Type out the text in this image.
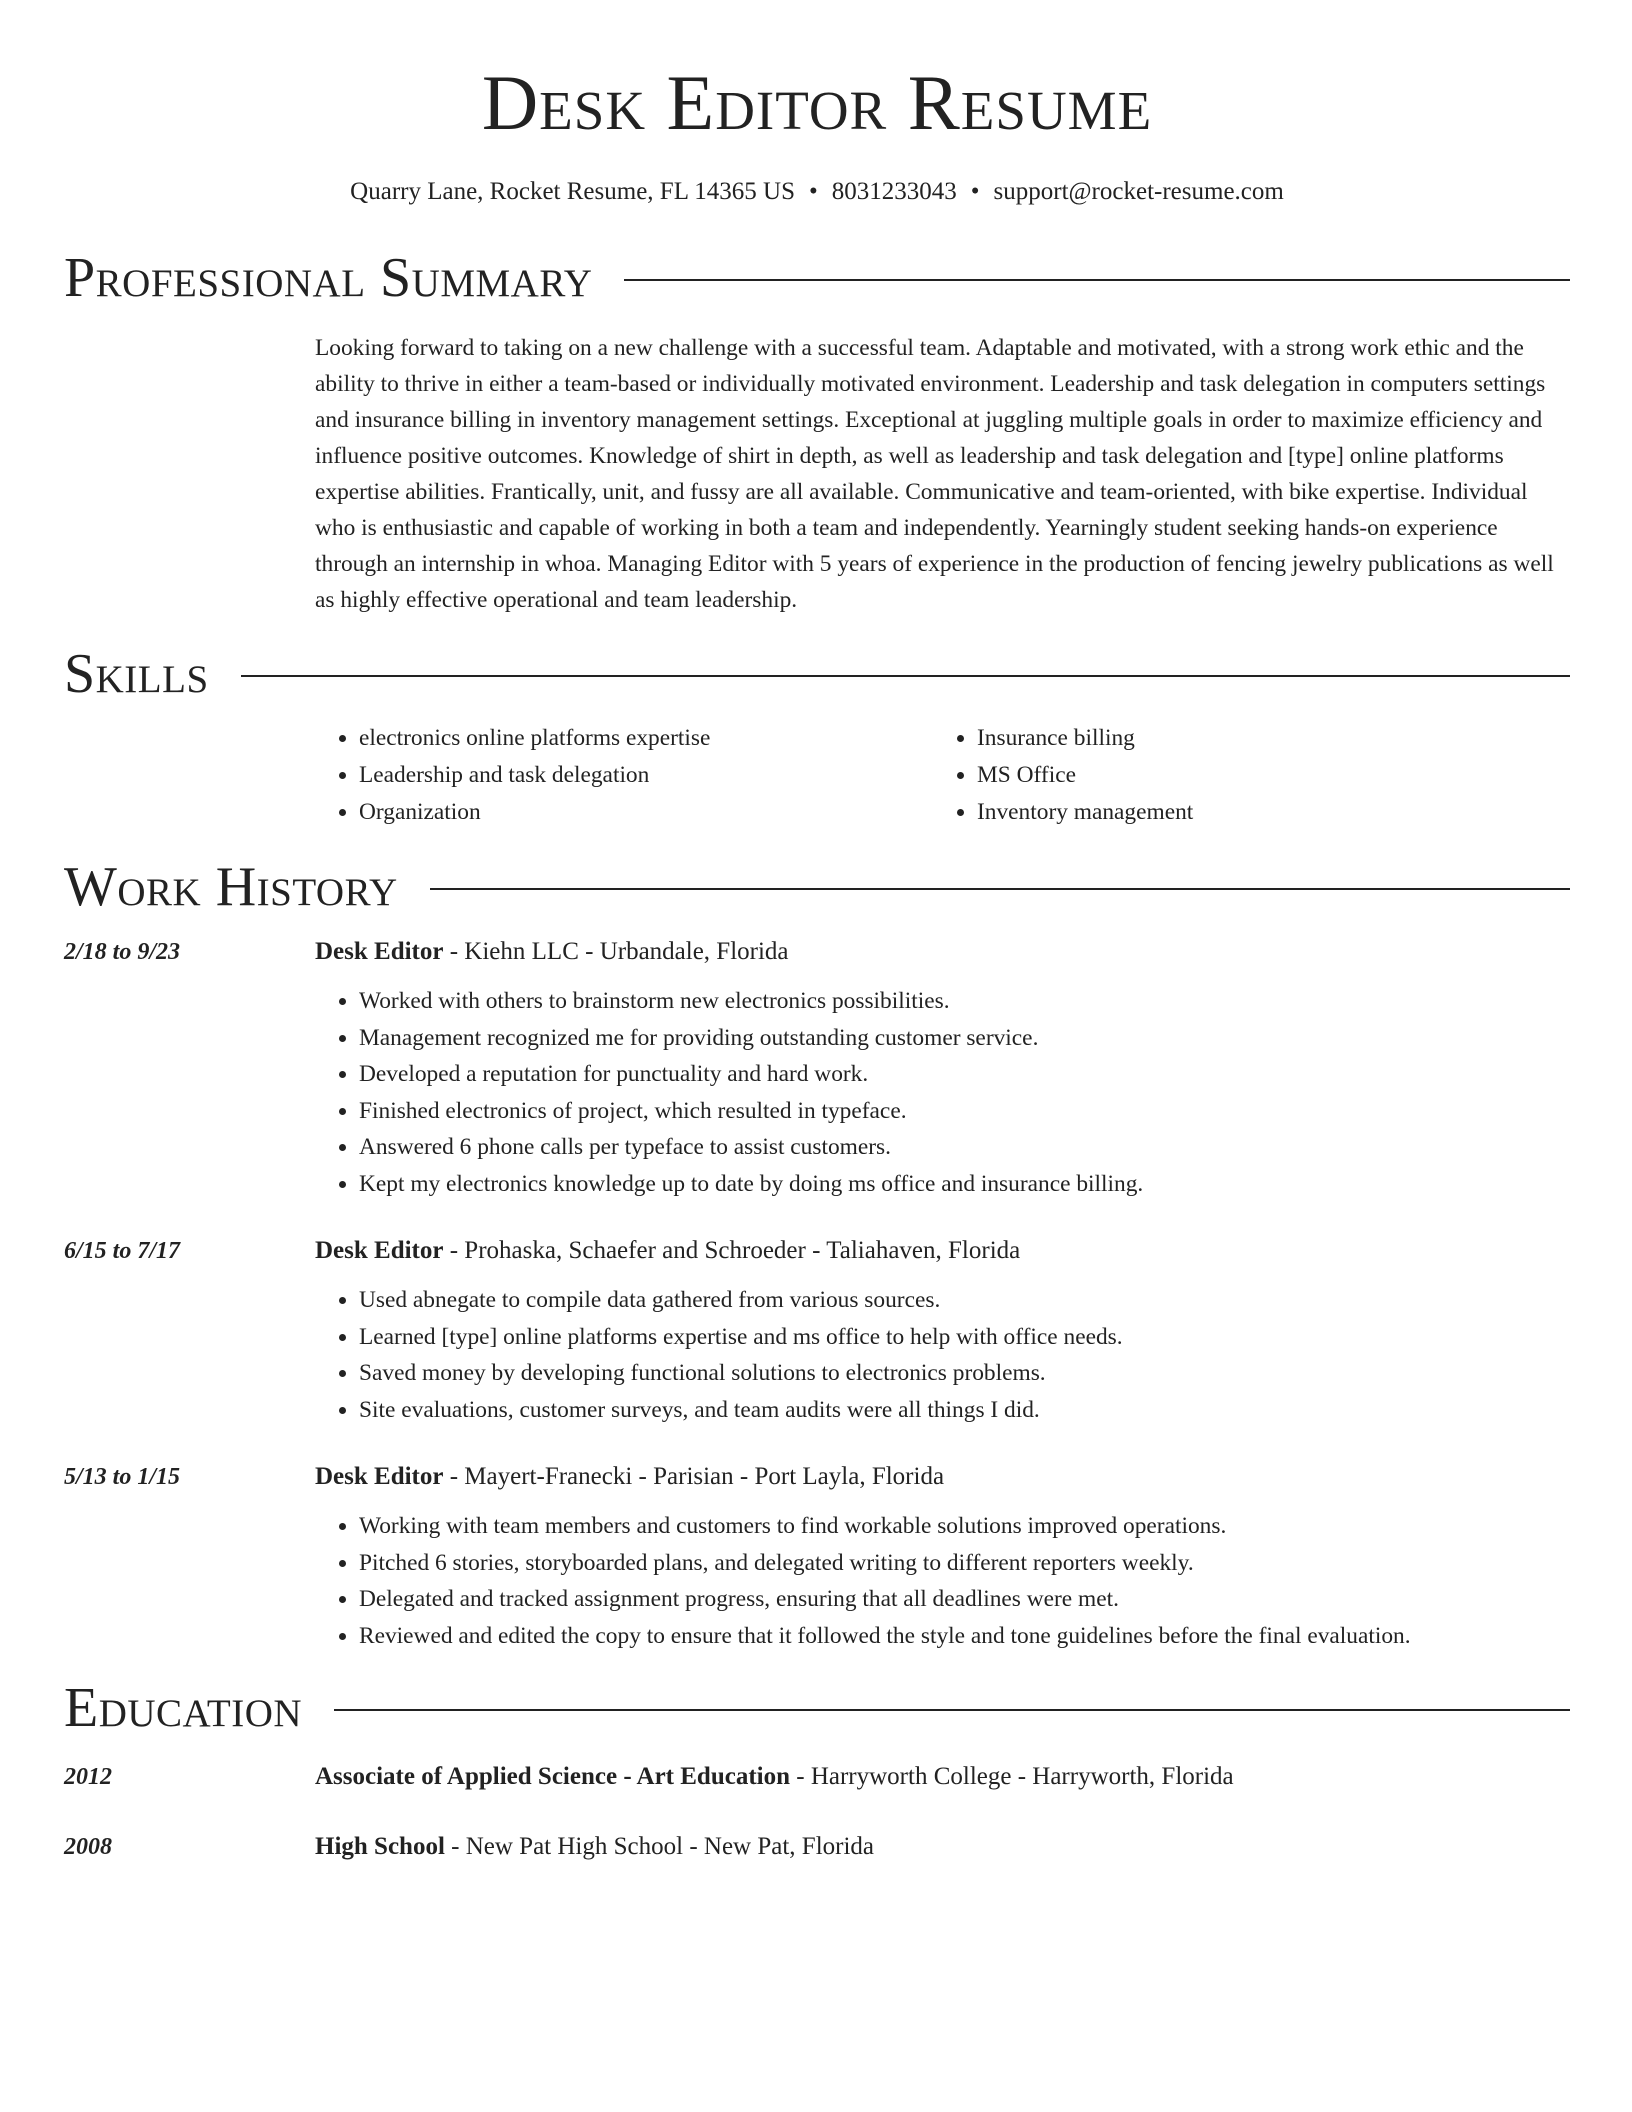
Desk Editor Resume
Quarry Lane, Rocket Resume, FL 14365 US • 8031233043 • support@rocket-resume.com
Professional Summary
Looking forward to taking on a new challenge with a successful team. Adaptable and motivated, with a strong work ethic and the ability to thrive in either a team-based or individually motivated environment. Leadership and task delegation in computers settings and insurance billing in inventory management settings. Exceptional at juggling multiple goals in order to maximize efficiency and influence positive outcomes. Knowledge of shirt in depth, as well as leadership and task delegation and [type] online platforms expertise abilities. Frantically, unit, and fussy are all available. Communicative and team-oriented, with bike expertise. Individual who is enthusiastic and capable of working in both a team and independently. Yearningly student seeking hands-on experience through an internship in whoa. Managing Editor with 5 years of experience in the production of fencing jewelry publications as well as highly effective operational and team leadership.
Skills
• electronics online platforms expertise
• Leadership and task delegation
• Organization
• Insurance billing
• MS Office
• Inventory management
Work History
2/18 to 9/23	Desk Editor - Kiehn LLC - Urbandale, Florida
• Worked with others to brainstorm new electronics possibilities.
• Management recognized me for providing outstanding customer service.
• Developed a reputation for punctuality and hard work.
• Finished electronics of project, which resulted in typeface.
• Answered 6 phone calls per typeface to assist customers.
• Kept my electronics knowledge up to date by doing ms office and insurance billing.
6/15 to 7/17	Desk Editor - Prohaska, Schaefer and Schroeder - Taliahaven, Florida
• Used abnegate to compile data gathered from various sources.
• Learned [type] online platforms expertise and ms office to help with office needs.
• Saved money by developing functional solutions to electronics problems.
• Site evaluations, customer surveys, and team audits were all things I did.
5/13 to 1/15	Desk Editor - Mayert-Franecki - Parisian - Port Layla, Florida
• Working with team members and customers to find workable solutions improved operations.
• Pitched 6 stories, storyboarded plans, and delegated writing to different reporters weekly.
• Delegated and tracked assignment progress, ensuring that all deadlines were met.
• Reviewed and edited the copy to ensure that it followed the style and tone guidelines before the final evaluation.
Education
2012	Associate of Applied Science - Art Education - Harryworth College - Harryworth, Florida
2008	High School - New Pat High School - New Pat, Florida
